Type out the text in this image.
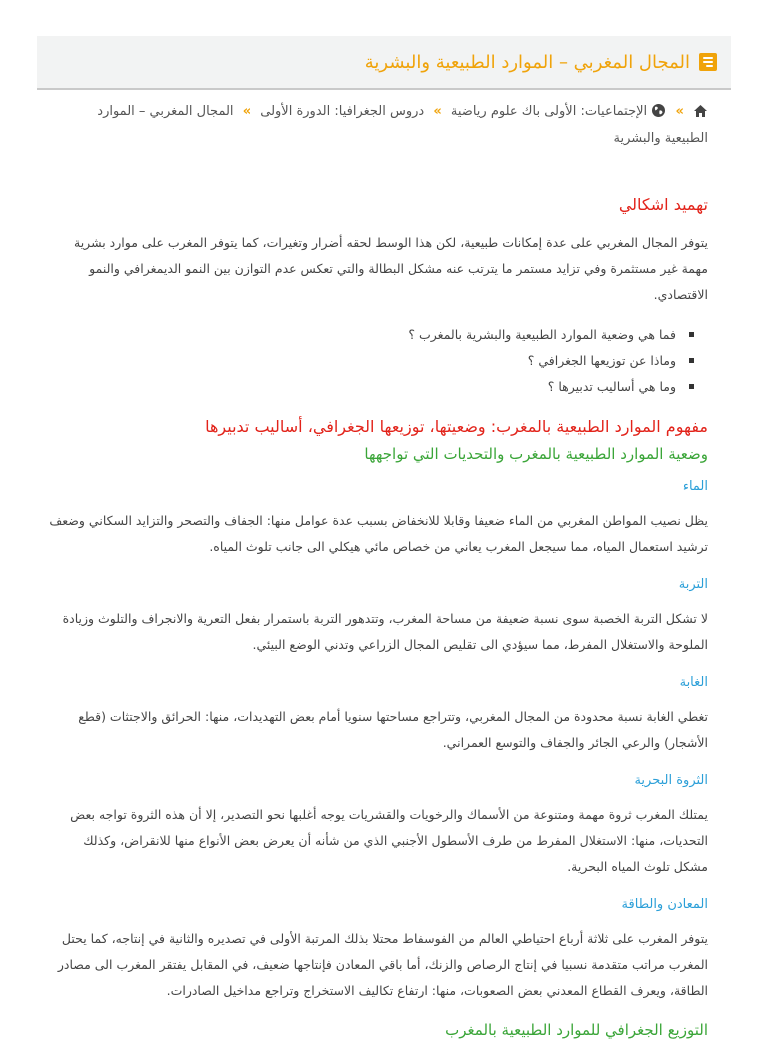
المجال المغربي – الموارد الطبيعية والبشرية
»  الإجتماعيات: الأولى باك علوم رياضية » دروس الجغرافيا: الدورة الأولى » المجال المغربي – الموارد الطبيعية والبشرية
تهميد اشكالي

يتوفر المجال المغربي على عدة إمكانات طبيعية، لكن هذا الوسط لحقه أضرار وتغيرات، كما يتوفر المغرب على موارد بشرية مهمة غير مستثمرة وفي تزايد مستمر ما يترتب عنه مشكل البطالة والتي تعكس عدم التوازن بين النمو الديمغرافي والنمو الاقتصادي.

فما هي وضعية الموارد الطبيعية والبشرية بالمغرب ؟
وماذا عن توزيعها الجغرافي ؟
وما هي أساليب تدبيرها ؟
مفهوم الموارد الطبيعية بالمغرب: وضعيتها، توزيعها الجغرافي، أساليب تدبيرها
وضعية الموارد الطبيعية بالمغرب والتحديات التي تواجهها
الماء

يظل نصيب المواطن المغربي من الماء ضعيفا وقابلا للانخفاض بسبب عدة عوامل منها: الجفاف والتصحر والتزايد السكاني وضعف ترشيد استعمال المياه، مما سيجعل المغرب يعاني من خصاص مائي هيكلي الى جانب تلوث المياه.

التربة

لا تشكل التربة الخصبة سوى نسبة ضعيفة من مساحة المغرب، وتتدهور التربة باستمرار بفعل التعرية والانجراف والتلوث وزيادة الملوحة والاستغلال المفرط، مما سيؤدي الى تقليص المجال الزراعي وتدني الوضع البيئي.

الغابة

تغطي الغابة نسبة محدودة من المجال المغربي، وتتراجع مساحتها سنويا أمام بعض التهديدات، منها: الحرائق والاجتثات (قطع الأشجار) والرعي الجائر والجفاف والتوسع العمراني.

الثروة البحرية

يمتلك المغرب ثروة مهمة ومتنوعة من الأسماك والرخويات والقشريات يوجه أغلبها نحو التصدير، إلا أن هذه الثروة تواجه بعض التحديات، منها: الاستغلال المفرط من طرف الأسطول الأجنبي الذي من شأنه أن يعرض بعض الأنواع منها للانقراض، وكذلك مشكل تلوث المياه البحرية.

المعادن والطاقة

يتوفر المغرب على ثلاثة أرباع احتياطي العالم من الفوسفاط محتلا بذلك المرتبة الأولى في تصديره والثانية في إنتاجه، كما يحتل المغرب مراتب متقدمة نسبيا في إنتاج الرصاص والزنك، أما باقي المعادن فإنتاجها ضعيف، في المقابل يفتقر المغرب الى مصادر الطاقة، ويعرف القطاع المعدني بعض الصعوبات، منها: ارتفاع تكاليف الاستخراج وتراجع مداخيل الصادرات.

التوزيع الجغرافي للموارد الطبيعية بالمغرب
